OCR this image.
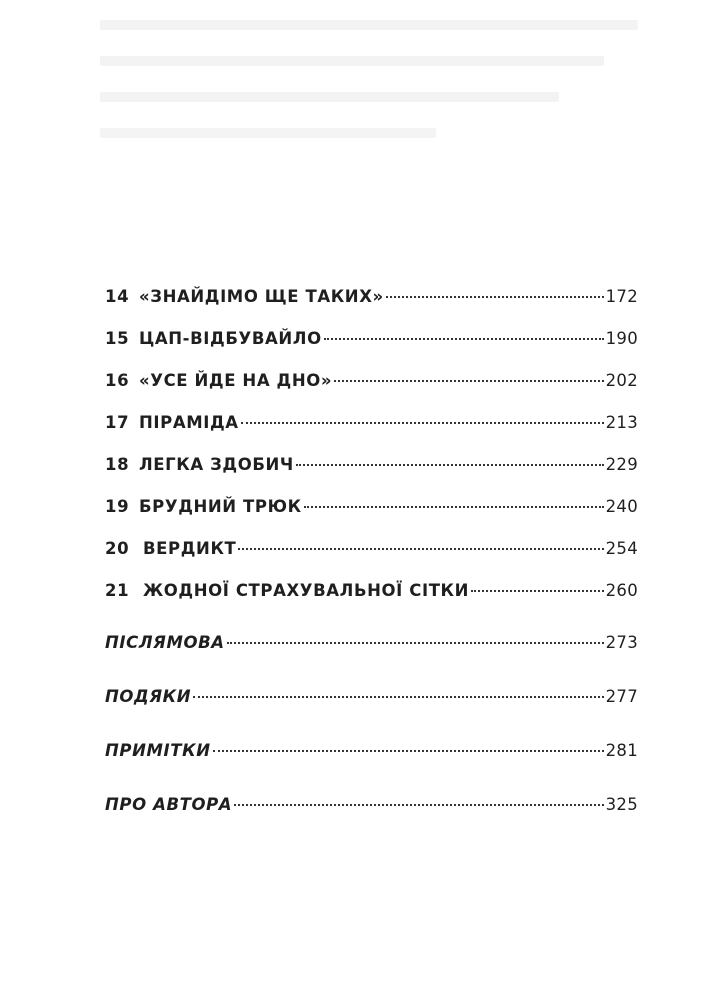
14 «ЗНАЙДІМО ЩЕ ТАКИХ»	172
15 ЦАП-ВІДБУВАЙЛО	190
16 «УСЕ ЙДЕ НА ДНО»	202
17 ПІРАМІДА	213
18 ЛЕГКА ЗДОБИЧ	229
19 БРУДНИЙ ТРЮК	240
20 ВЕРДИКТ	254
21 ЖОДНОЇ СТРАХУВАЛЬНОЇ СІТКИ	260
ПІСЛЯМОВА	273
ПОДЯКИ	277
ПРИМІТКИ	281
ПРО АВТОРА	325
